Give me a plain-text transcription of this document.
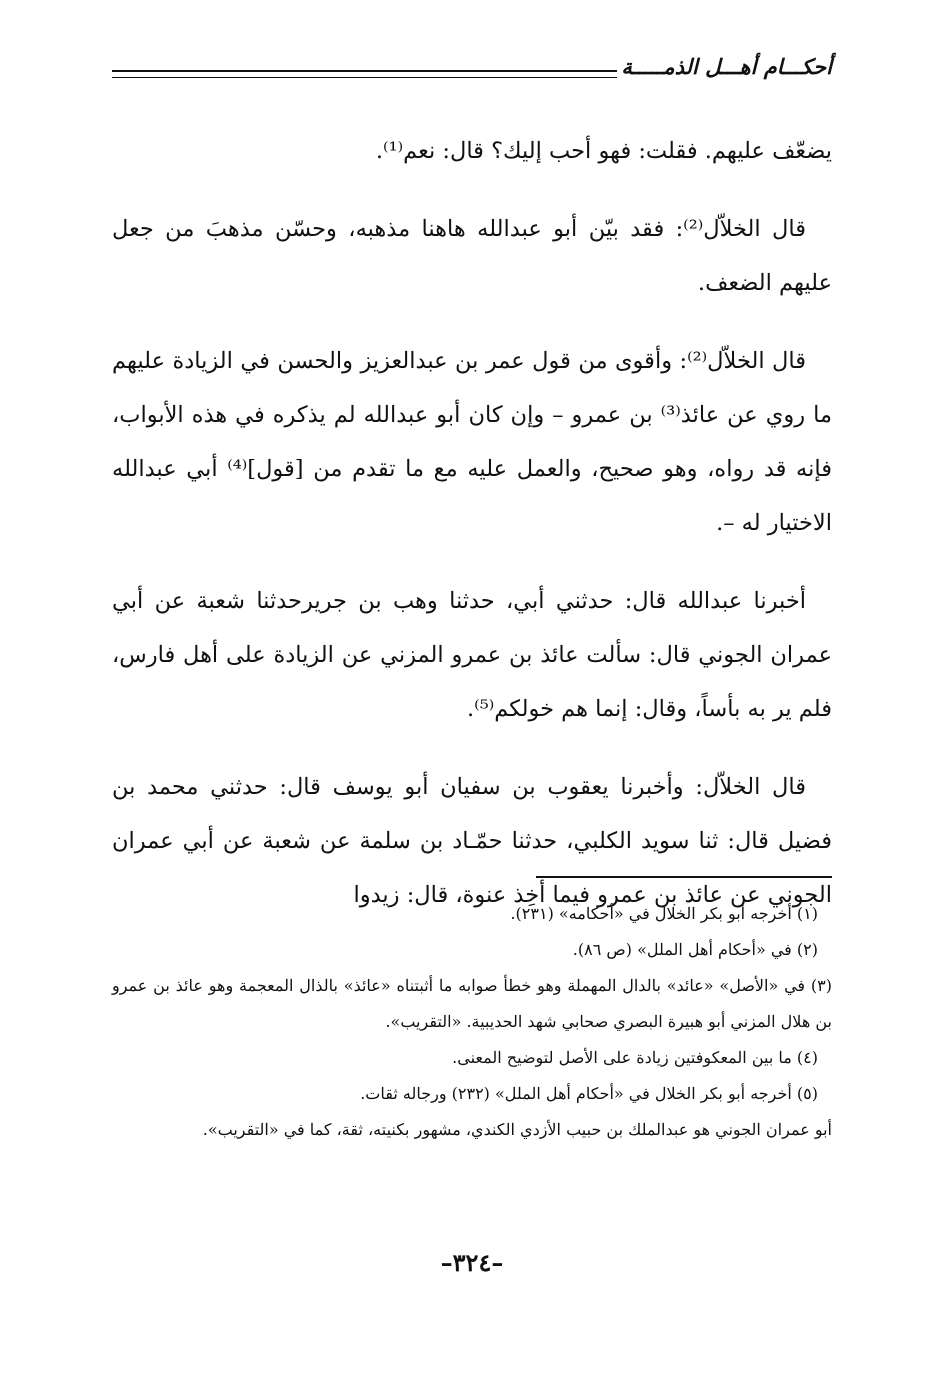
أحكـــام أهـــل الذمـــــة

يضعّف عليهم. فقلت: فهو أحب إليك؟ قال: نعم⁽¹⁾.

قال الخلاّل⁽²⁾: فقد بيّن أبو عبدالله هاهنا مذهبه، وحسّن مذهبَ من جعل عليهم الضعف.

قال الخلاّل⁽²⁾: وأقوى من قول عمر بن عبدالعزيز والحسن في الزيادة عليهم ما روي عن عائذ⁽³⁾ بن عمرو – وإن كان أبو عبدالله لم يذكره في هذه الأبواب، فإنه قد رواه، وهو صحيح، والعمل عليه مع ما تقدم من [قول]⁽⁴⁾ أبي عبدالله الاختيار له –.

أخبرنا عبدالله قال: حدثني أبي، حدثنا وهب بن جريرحدثنا شعبة عن أبي عمران الجوني قال: سألت عائذ بن عمرو المزني عن الزيادة على أهل فارس، فلم ير به بأساً، وقال: إنما هم خولكم⁽⁵⁾.

قال الخلاّل: وأخبرنا يعقوب بن سفيان أبو يوسف قال: حدثني محمد بن فضيل قال: ثنا سويد الكلبي، حدثنا حمّـاد بن سلمة عن شعبة عن أبي عمران الجوني عن عائذ بن عمرو فيما أخِذ عنوة، قال: زيدوا

(١) أخرجه أبو بكر الخلال في «أحكامه» (٢٣١).

(٢) في «أحكام أهل الملل» (ص ٨٦).

(٣) في «الأصل» «عائد» بالدال المهملة وهو خطأ صوابه ما أثبتناه «عائذ» بالذال المعجمة وهو عائذ بن عمرو بن هلال المزني أبو هبيرة البصري صحابي شهد الحديبية. «التقريب».

(٤) ما بين المعكوفتين زيادة على الأصل لتوضيح المعنى.

(٥) أخرجه أبو بكر الخلال في «أحكام أهل الملل» (٢٣٢) ورجاله ثقات.

أبو عمران الجوني هو عبدالملك بن حبيب الأزدي الكندي، مشهور بكنيته، ثقة، كما في «التقريب».

–٣٢٤–
